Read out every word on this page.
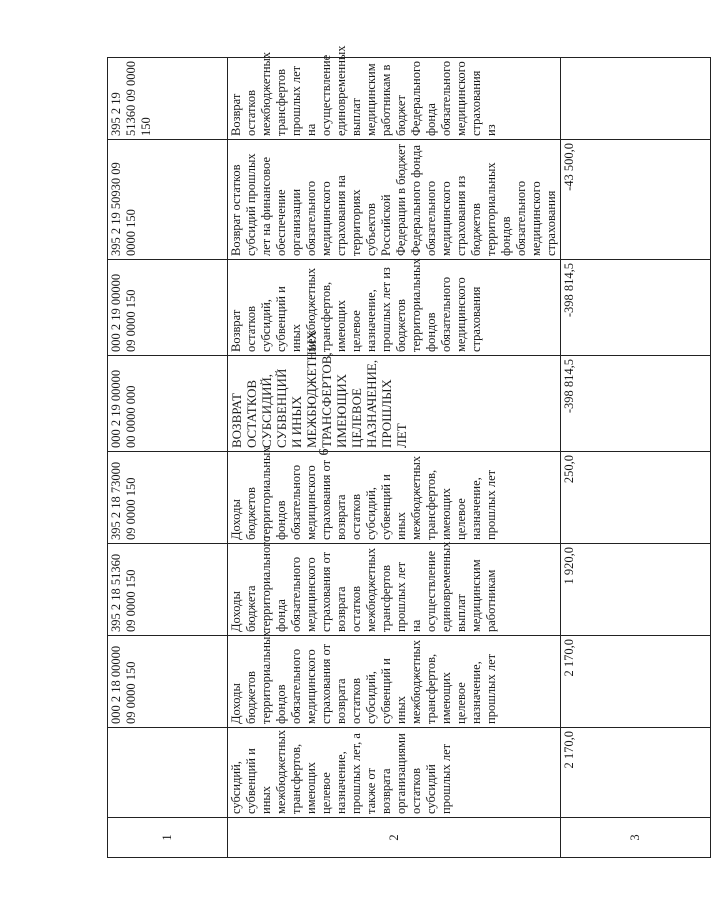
9
1		000 2 18 00000 09 0000 150	395 2 18 51360 09 0000 150	395 2 18 73000 09 0000 150	000 2 19 00000 00 0000 000	000 2 19 00000 09 0000 150	395 2 19 50930 09 0000 150	395 2 19 51360 09 0000 150
2	субсидий, субвенций и иных межбюджетных трансфертов, имеющих целевое назначение, прошлых лет, а также от возврата организациями остатков субсидий прошлых лет	Доходы бюджетов территориальных фондов обязательного медицинского страхования от возврата остатков субсидий, субвенций и иных межбюджетных трансфертов, имеющих целевое назначение, прошлых лет	Доходы бюджета территориального фонда обязательного медицинского страхования от возврата остатков межбюджетных трансфертов прошлых лет на осуществление единовременных выплат медицинским работникам	Доходы бюджетов территориальных фондов обязательного медицинского страхования от возврата остатков субсидий, субвенций и иных межбюджетных трансфертов, имеющих целевое назначение, прошлых лет	ВОЗВРАТ ОСТАТКОВ СУБСИДИЙ, СУБВЕНЦИЙ И ИНЫХ МЕЖБЮДЖЕТНЫХ ТРАНСФЕРТОВ, ИМЕЮЩИХ ЦЕЛЕВОЕ НАЗНАЧЕНИЕ, ПРОШЛЫХ ЛЕТ	Возврат остатков субсидий, субвенций и иных межбюджетных трансфертов, имеющих целевое назначение, прошлых лет из бюджетов территориальных фондов обязательного медицинского страхования	Возврат остатков субсидий прошлых лет на финансовое обеспечение организации обязательного медицинского страхования на территориях субъектов Российской Федерации в бюджет Федерального фонда обязательного медицинского страхования из бюджетов территориальных фондов обязательного медицинского страхования	Возврат остатков межбюджетных трансфертов прошлых лет на осуществление единовременных выплат медицинским работникам в бюджет Федерального фонда обязательного медицинского страхования из
3	2 170,0	2 170,0	1 920,0	250,0	-398 814,5	-398 814,5	-43 500,0	
